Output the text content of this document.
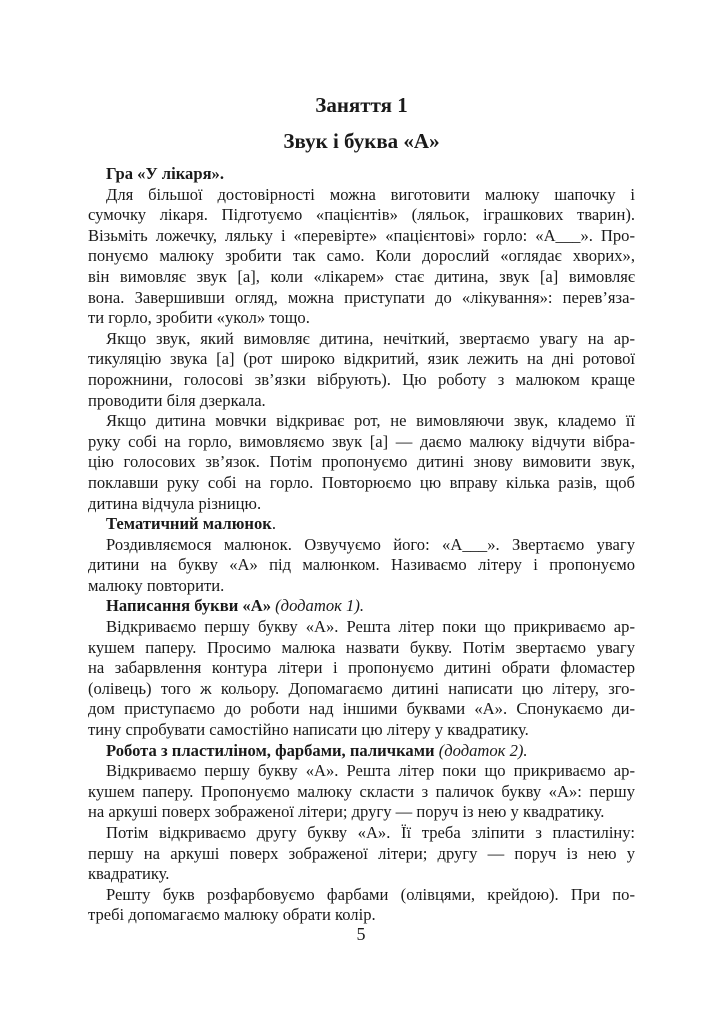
Заняття 1
Звук і буква «А»
Гра «У лікаря».
Для більшої достовірності можна виготовити малюку шапочку і
сумочку лікаря. Підготуємо «пацієнтів» (ляльок, іграшкових тварин).
Візьміть ложечку, ляльку і «перевірте» «пацієнтові» горло: «А___». Про-
понуємо малюку зробити так само. Коли дорослий «оглядає хворих»,
він вимовляє звук [а], коли «лікарем» стає дитина, звук [а] вимовляє
вона. Завершивши огляд, можна приступати до «лікування»: перев’язa-
ти горло, зробити «укол» тощо.
Якщо звук, який вимовляє дитина, нечіткий, звертаємо увагу на ар-
тикуляцію звука [а] (рот широко відкритий, язик лежить на дні ротової
порожнини, голосові зв’язки вібрують). Цю роботу з малюком краще
проводити біля дзеркала.
Якщо дитина мовчки відкриває рот, не вимовляючи звук, кладемо її
руку собі на горло, вимовляємо звук [а] — даємо малюку відчути вібра-
цію голосових зв’язок. Потім пропонуємо дитині знову вимовити звук,
поклавши руку собі на горло. Повторюємо цю вправу кілька разів, щоб
дитина відчула різницю.
Тематичний малюнок.
Роздивляємося малюнок. Озвучуємо його: «А___». Звертаємо увагу
дитини на букву «А» під малюнком. Називаємо літеру і пропонуємо
малюку повторити.
Написання букви «А» (додаток 1).
Відкриваємо першу букву «А». Решта літер поки що прикриваємо ар-
кушем паперу. Просимо малюка назвати букву. Потім звертаємо увагу
на забарвлення контура літери і пропонуємо дитині обрати фломастер
(олівець) того ж кольору. Допомагаємо дитині написати цю літеру, зго-
дом приступаємо до роботи над іншими буквами «А». Спонукаємо ди-
тину спробувати самостійно написати цю літеру у квадратику.
Робота з пластиліном, фарбами, паличками (додаток 2).
Відкриваємо першу букву «А». Решта літер поки що прикриваємо ар-
кушем паперу. Пропонуємо малюку скласти з паличок букву «А»: першу
на аркуші поверх зображеної літери; другу — поруч із нею у квадратику.
Потім відкриваємо другу букву «А». Її треба зліпити з пластиліну:
першу на аркуші поверх зображеної літери; другу — поруч із нею у
квадратику.
Решту букв розфарбовуємо фарбами (олівцями, крейдою). При по-
требі допомагаємо малюку обрати колір.
5
